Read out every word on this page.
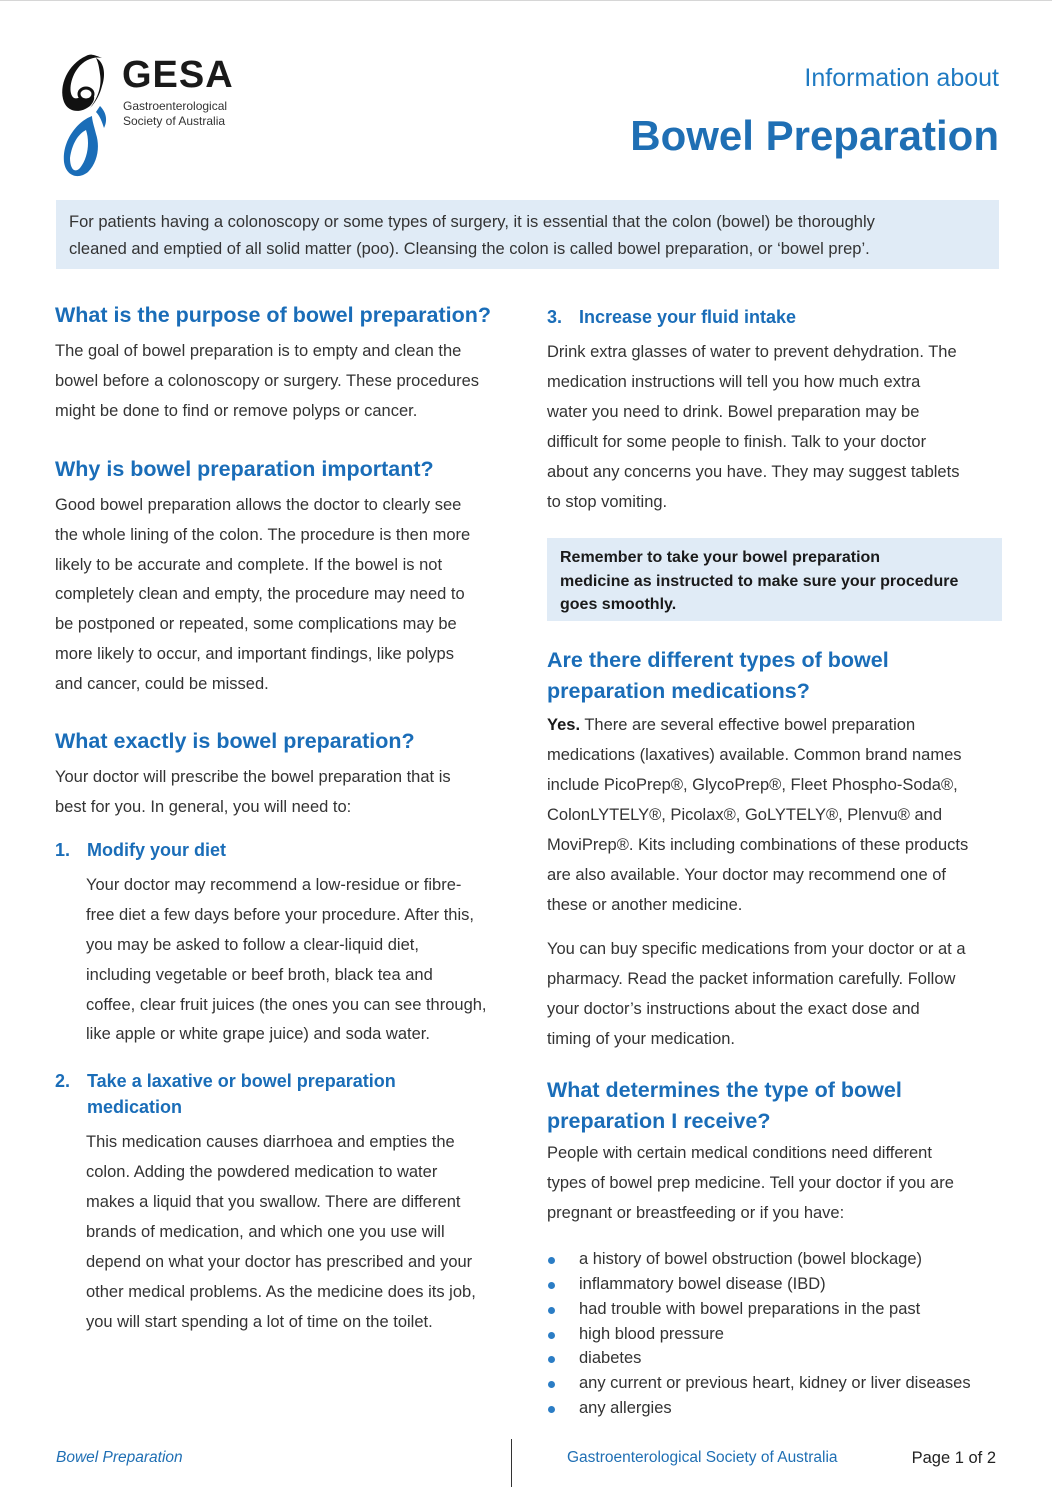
GESA
Gastroenterological
Society of Australia
Information about
Bowel Preparation
For patients having a colonoscopy or some types of surgery, it is essential that the colon (bowel) be thoroughly
cleaned and emptied of all solid matter (poo). Cleansing the colon is called bowel preparation, or ‘bowel prep’.
What is the purpose of bowel preparation?

The goal of bowel preparation is to empty and clean the

bowel before a colonoscopy or surgery. These procedures

might be done to find or remove polyps or cancer.

Why is bowel preparation important?

Good bowel preparation allows the doctor to clearly see

the whole lining of the colon. The procedure is then more

likely to be accurate and complete. If the bowel is not

completely clean and empty, the procedure may need to

be postponed or repeated, some complications may be

more likely to occur, and important findings, like polyps

and cancer, could be missed.

What exactly is bowel preparation?

Your doctor will prescribe the bowel preparation that is

best for you. In general, you will need to:

1. Modify your diet

Your doctor may recommend a low-residue or fibre-

free diet a few days before your procedure. After this,

you may be asked to follow a clear-liquid diet,

including vegetable or beef broth, black tea and

coffee, clear fruit juices (the ones you can see through,

like apple or white grape juice) and soda water.

2. Take a laxative or bowel preparation
medication

This medication causes diarrhoea and empties the

colon. Adding the powdered medication to water

makes a liquid that you swallow. There are different

brands of medication, and which one you use will

depend on what your doctor has prescribed and your

other medical problems. As the medicine does its job,

you will start spending a lot of time on the toilet.

3. Increase your fluid intake

Drink extra glasses of water to prevent dehydration. The

medication instructions will tell you how much extra

water you need to drink. Bowel preparation may be

difficult for some people to finish. Talk to your doctor

about any concerns you have. They may suggest tablets

to stop vomiting.

Remember to take your bowel preparation
medicine as instructed to make sure your procedure
goes smoothly.
Are there different types of bowel
preparation medications?

Yes. There are several effective bowel preparation

medications (laxatives) available. Common brand names

include PicoPrep®, GlycoPrep®, Fleet Phospho-Soda®,

ColonLYTELY®, Picolax®, GoLYTELY®, Plenvu® and

MoviPrep®. Kits including combinations of these products

are also available. Your doctor may recommend one of

these or another medicine.

You can buy specific medications from your doctor or at a

pharmacy. Read the packet information carefully. Follow

your doctor’s instructions about the exact dose and

timing of your medication.

What determines the type of bowel
preparation I receive?

People with certain medical conditions need different

types of bowel prep medicine. Tell your doctor if you are

pregnant or breastfeeding or if you have:

a history of bowel obstruction (bowel blockage)
inflammatory bowel disease (IBD)
had trouble with bowel preparations in the past
high blood pressure
diabetes
any current or previous heart, kidney or liver diseases
any allergies
Bowel Preparation	Gastroenterological Society of Australia	Page 1 of 2
